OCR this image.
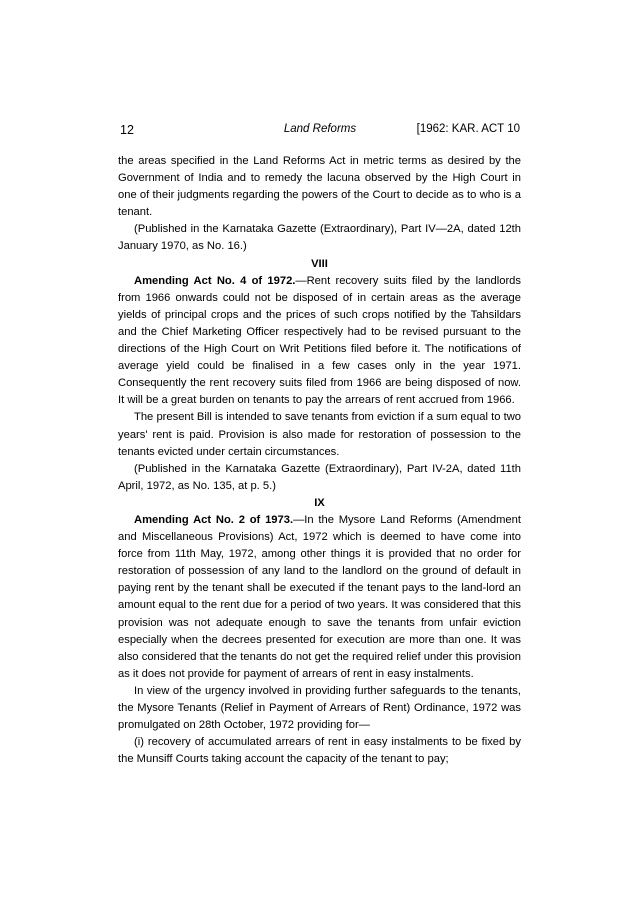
12	Land Reforms	[1962: KAR. ACT 10

the areas specified in the Land Reforms Act in metric terms as desired by the Government of India and to remedy the lacuna observed by the High Court in one of their judgments regarding the powers of the Court to decide as to who is a tenant.

(Published in the Karnataka Gazette (Extraordinary), Part IV—2A, dated 12th January 1970, as No. 16.)

VIII

Amending Act No. 4 of 1972.—Rent recovery suits filed by the landlords from 1966 onwards could not be disposed of in certain areas as the average yields of principal crops and the prices of such crops notified by the Tahsildars and the Chief Marketing Officer respectively had to be revised pursuant to the directions of the High Court on Writ Petitions filed before it. The notifications of average yield could be finalised in a few cases only in the year 1971. Consequently the rent recovery suits filed from 1966 are being disposed of now. It will be a great burden on tenants to pay the arrears of rent accrued from 1966.

The present Bill is intended to save tenants from eviction if a sum equal to two years' rent is paid. Provision is also made for restoration of possession to the tenants evicted under certain circumstances.

(Published in the Karnataka Gazette (Extraordinary), Part IV-2A, dated 11th April, 1972, as No. 135, at p. 5.)

IX

Amending Act No. 2 of 1973.—In the Mysore Land Reforms (Amendment and Miscellaneous Provisions) Act, 1972 which is deemed to have come into force from 11th May, 1972, among other things it is provided that no order for restoration of possession of any land to the landlord on the ground of default in paying rent by the tenant shall be executed if the tenant pays to the land-lord an amount equal to the rent due for a period of two years. It was considered that this provision was not adequate enough to save the tenants from unfair eviction especially when the decrees presented for execution are more than one. It was also considered that the tenants do not get the required relief under this provision as it does not provide for payment of arrears of rent in easy instalments.

In view of the urgency involved in providing further safeguards to the tenants, the Mysore Tenants (Relief in Payment of Arrears of Rent) Ordinance, 1972 was promulgated on 28th October, 1972 providing for—

(i) recovery of accumulated arrears of rent in easy instalments to be fixed by the Munsiff Courts taking account the capacity of the tenant to pay;
